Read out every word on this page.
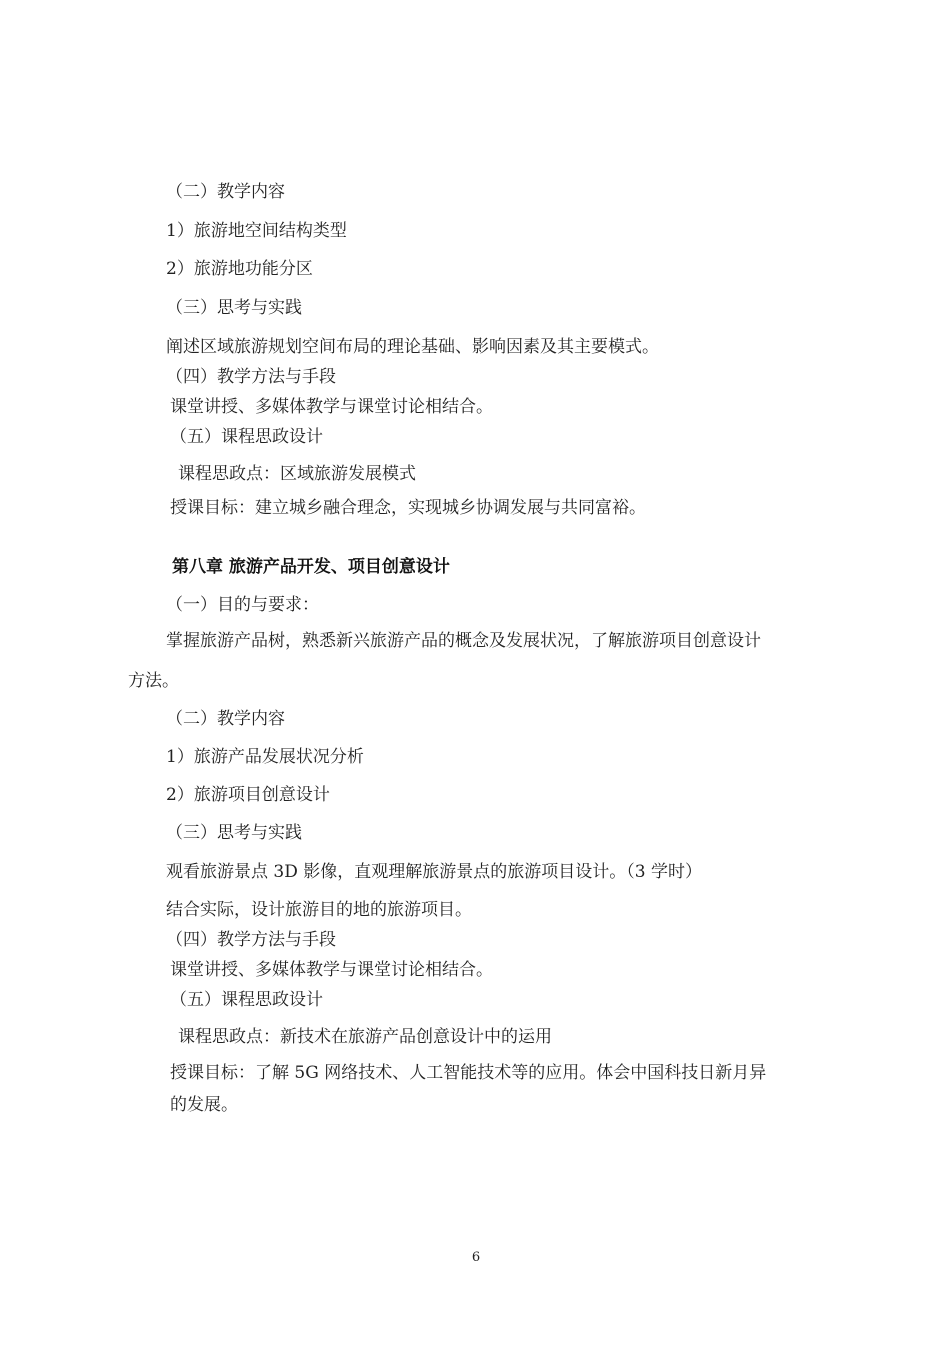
（二）教学内容
1）旅游地空间结构类型
2）旅游地功能分区
（三）思考与实践
阐述区域旅游规划空间布局的理论基础、影响因素及其主要模式。
（四）教学方法与手段
课堂讲授、多媒体教学与课堂讨论相结合。
（五）课程思政设计
课程思政点：区域旅游发展模式
授课目标：建立城乡融合理念，实现城乡协调发展与共同富裕。
第八章 旅游产品开发、项目创意设计
（一）目的与要求：
掌握旅游产品树，熟悉新兴旅游产品的概念及发展状况，了解旅游项目创意设计
方法。
（二）教学内容
1）旅游产品发展状况分析
2）旅游项目创意设计
（三）思考与实践
观看旅游景点 3D 影像，直观理解旅游景点的旅游项目设计。（3 学时）
结合实际，设计旅游目的地的旅游项目。
（四）教学方法与手段
课堂讲授、多媒体教学与课堂讨论相结合。
（五）课程思政设计
课程思政点：新技术在旅游产品创意设计中的运用
授课目标：了解 5G 网络技术、人工智能技术等的应用。体会中国科技日新月异
的发展。
6
